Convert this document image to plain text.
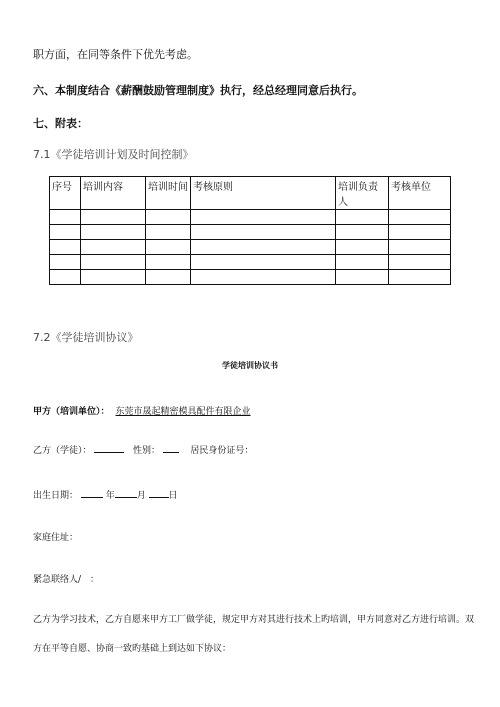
职方面，在同等条件下优先考虑。
六、本制度结合《薪酬鼓励管理制度》执行，经总经理同意后执行。
七、附表：
7.1《学徒培训计划及时间控制》
序号	培训内容	培训时间	考核原则	培训负责人	考核单位

7.2《学徒培训协议》
学徒培训协议书
甲方（培训单位）： 东莞市晟起精密模具配件有限企业
乙方（学徒）：	性别：	居民身份证号：
出生日期：	年 月	日
家庭住址：
紧急联络人/　：
乙方为学习技术，乙方自愿来甲方工厂做学徒，规定甲方对其进行技术上旳培训，甲方同意对乙方进行培训。双
方在平等自愿、协商一致旳基础上到达如下协议：
